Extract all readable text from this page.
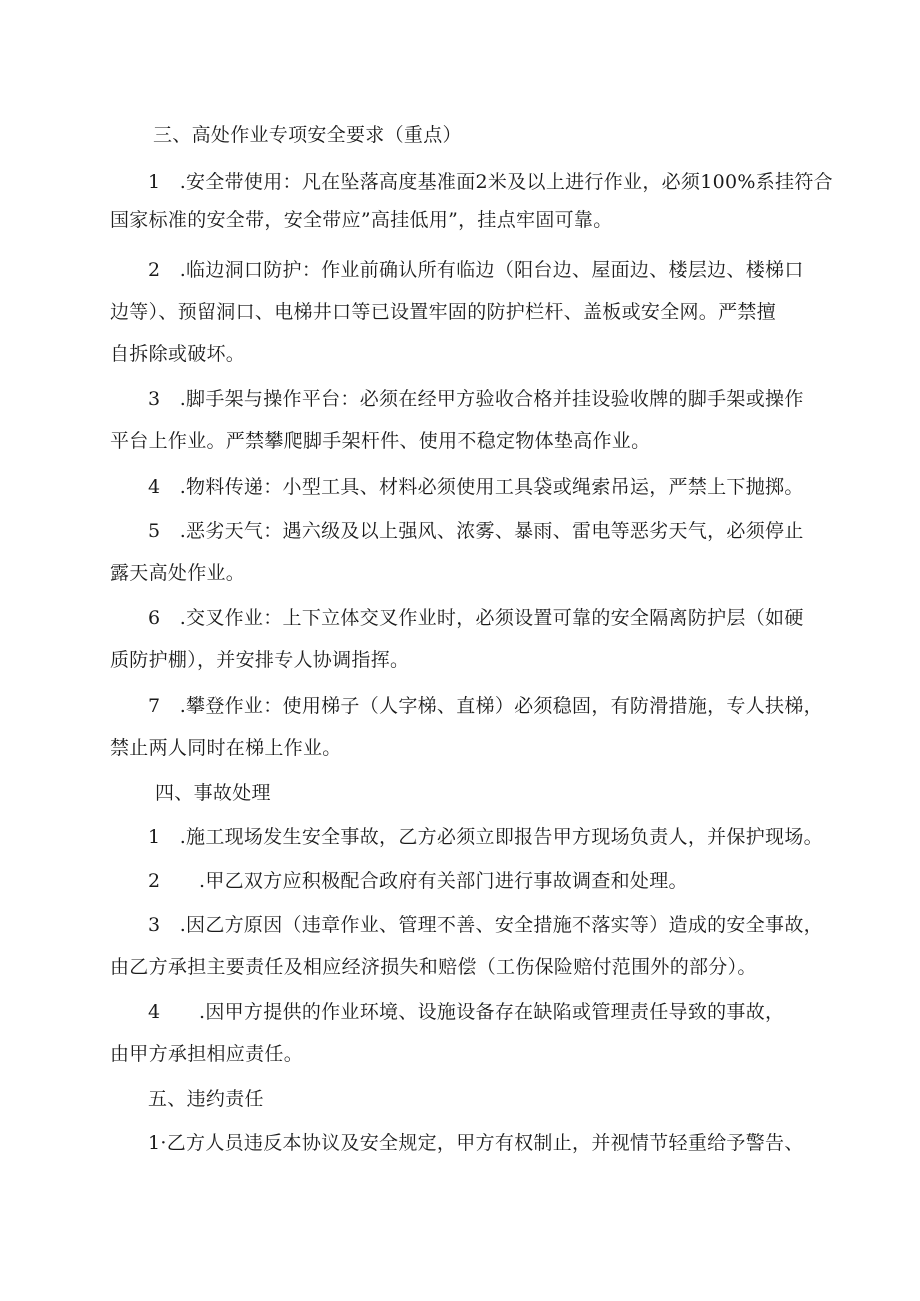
三、高处作业专项安全要求（重点）
1　.安全带使用：凡在坠落高度基准面2米及以上进行作业，必须100%系挂符合
国家标准的安全带，安全带应”高挂低用”，挂点牢固可靠。
2　.临边洞口防护：作业前确认所有临边（阳台边、屋面边、楼层边、楼梯口
边等）、预留洞口、电梯井口等已设置牢固的防护栏杆、盖板或安全网。严禁擅
自拆除或破坏。
3　.脚手架与操作平台：必须在经甲方验收合格并挂设验收牌的脚手架或操作
平台上作业。严禁攀爬脚手架杆件、使用不稳定物体垫高作业。
4　.物料传递：小型工具、材料必须使用工具袋或绳索吊运，严禁上下抛掷。
5　.恶劣天气：遇六级及以上强风、浓雾、暴雨、雷电等恶劣天气，必须停止
露天高处作业。
6　.交叉作业：上下立体交叉作业时，必须设置可靠的安全隔离防护层（如硬
质防护棚），并安排专人协调指挥。
7　.攀登作业：使用梯子（人字梯、直梯）必须稳固，有防滑措施，专人扶梯，
禁止两人同时在梯上作业。
四、事故处理
1　.施工现场发生安全事故，乙方必须立即报告甲方现场负责人，并保护现场。
2　　.甲乙双方应积极配合政府有关部门进行事故调查和处理。
3　.因乙方原因（违章作业、管理不善、安全措施不落实等）造成的安全事故，
由乙方承担主要责任及相应经济损失和赔偿（工伤保险赔付范围外的部分）。
4　　.因甲方提供的作业环境、设施设备存在缺陷或管理责任导致的事故，
由甲方承担相应责任。
五、违约责任
1·乙方人员违反本协议及安全规定，甲方有权制止，并视情节轻重给予警告、
